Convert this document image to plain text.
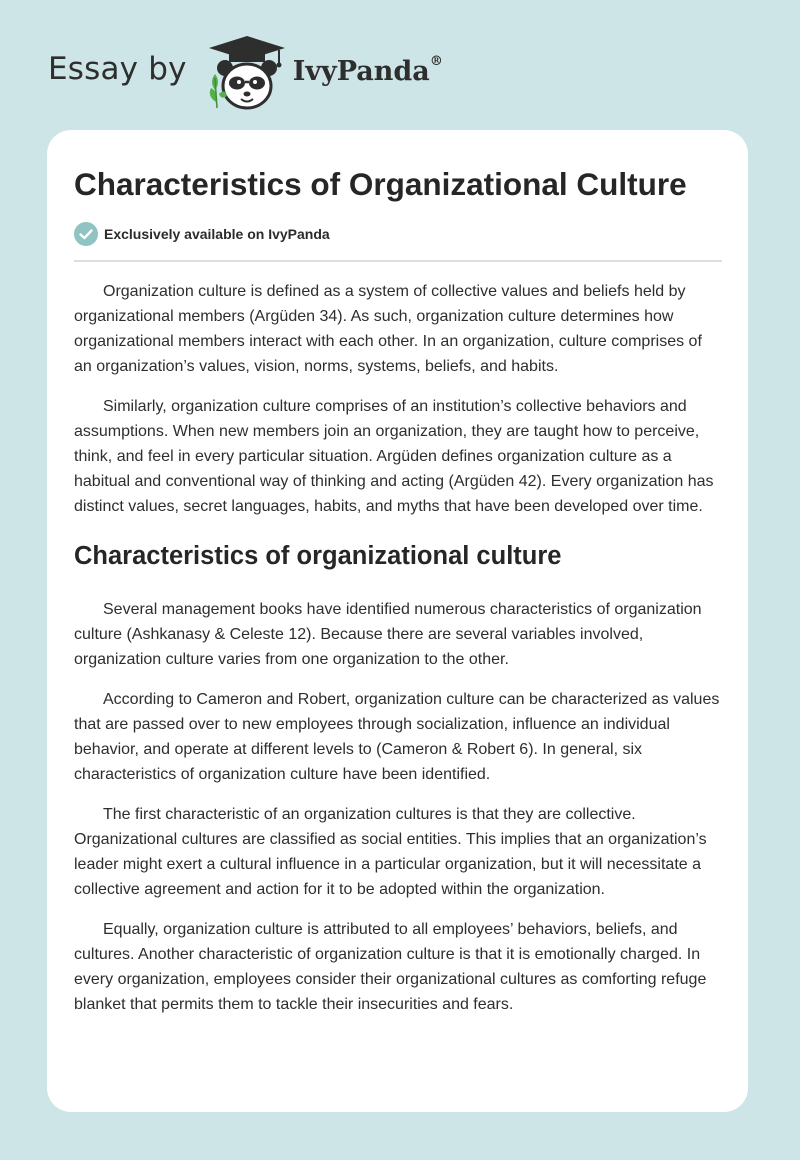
Essay by	IvyPanda®
Characteristics of Organizational Culture
Exclusively available on IvyPanda

Organization culture is defined as a system of collective values and beliefs held by organizational members (Argüden 34). As such, organization culture determines how organizational members interact with each other. In an organization, culture comprises of an organization’s values, vision, norms, systems, beliefs, and habits.

Similarly, organization culture comprises of an institution’s collective behaviors and assumptions. When new members join an organization, they are taught how to perceive, think, and feel in every particular situation. Argüden defines organization culture as a habitual and conventional way of thinking and acting (Argüden 42). Every organization has distinct values, secret languages, habits, and myths that have been developed over time.

Characteristics of organizational culture

Several management books have identified numerous characteristics of organization culture (Ashkanasy & Celeste 12). Because there are several variables involved, organization culture varies from one organization to the other.

According to Cameron and Robert, organization culture can be characterized as values that are passed over to new employees through socialization, influence an individual behavior, and operate at different levels to (Cameron & Robert 6). In general, six characteristics of organization culture have been identified.

The first characteristic of an organization cultures is that they are collective. Organizational cultures are classified as social entities. This implies that an organization’s leader might exert a cultural influence in a particular organization, but it will necessitate a collective agreement and action for it to be adopted within the organization.

Equally, organization culture is attributed to all employees’ behaviors, beliefs, and cultures. Another characteristic of organization culture is that it is emotionally charged. In every organization, employees consider their organizational cultures as comforting refuge blanket that permits them to tackle their insecurities and fears.
